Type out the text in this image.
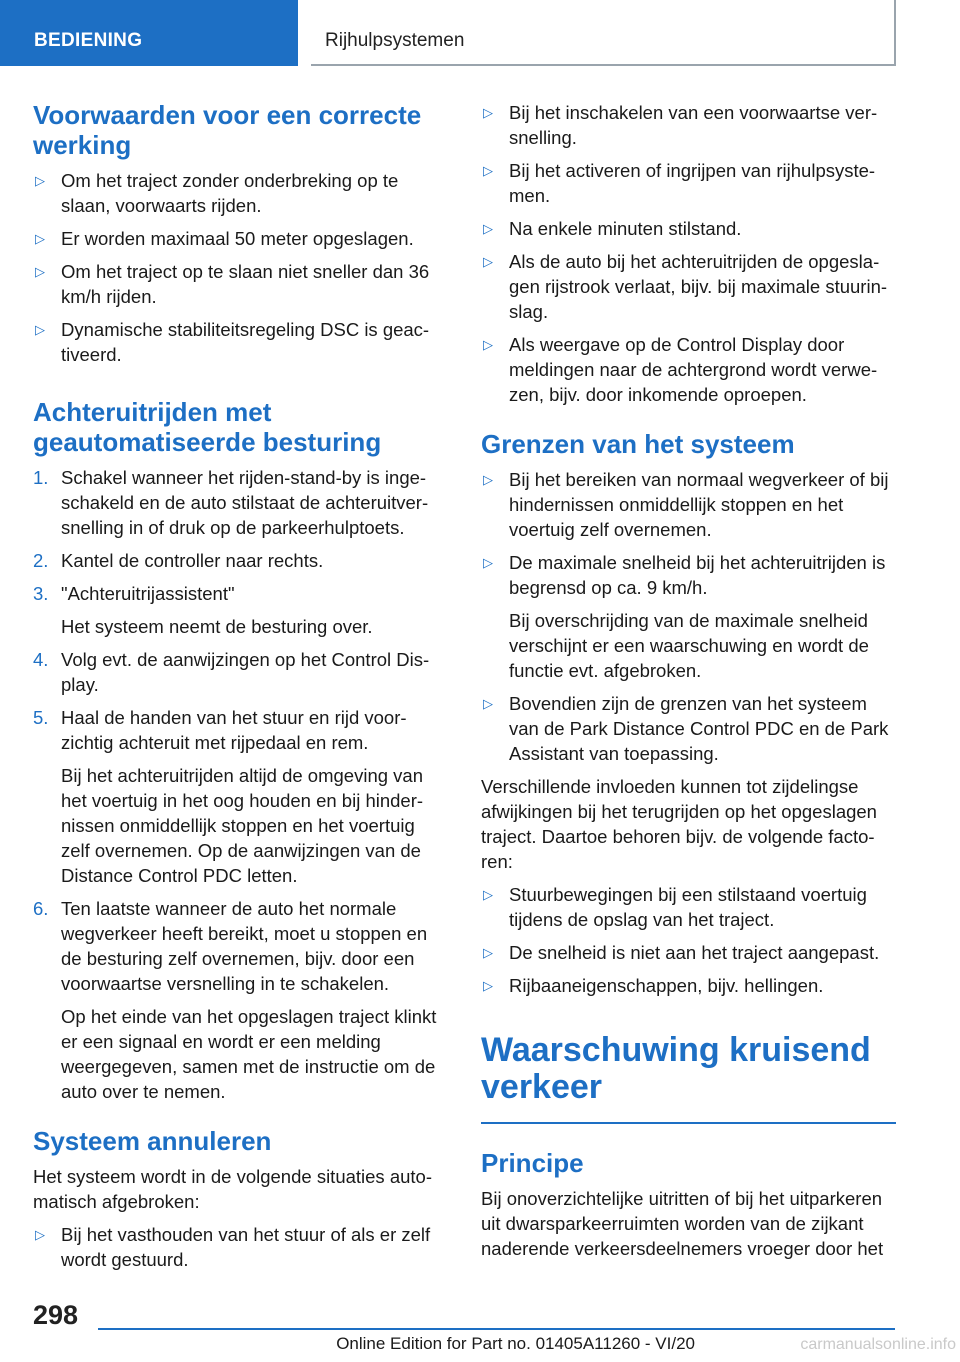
BEDIENING	Rijhulpsystemen
Voorwaarden voor een correcte werking
▷ Om het traject zonder onderbreking op te slaan, voorwaarts rijden.
▷ Er worden maximaal 50 meter opgeslagen.
▷ Om het traject op te slaan niet sneller dan 36 km/h rijden.
▷ Dynamische stabiliteitsregeling DSC is geac-tiveerd.
Achteruitrijden met geautomatiseerde besturing
1. Schakel wanneer het rijden-stand-by is inge-schakeld en de auto stilstaat de achteruitver-snelling in of druk op de parkeerhulptoets.
2. Kantel de controller naar rechts.
3. "Achteruitrijassistent"
Het systeem neemt de besturing over.
4. Volg evt. de aanwijzingen op het Control Dis-play.
5. Haal de handen van het stuur en rijd voor-zichtig achteruit met rijpedaal en rem.
Bij het achteruitrijden altijd de omgeving van het voertuig in het oog houden en bij hinder-nissen onmiddellijk stoppen en het voertuig zelf overnemen. Op de aanwijzingen van de Distance Control PDC letten.
6. Ten laatste wanneer de auto het normale wegverkeer heeft bereikt, moet u stoppen en de besturing zelf overnemen, bijv. door een voorwaartse versnelling in te schakelen.
Op het einde van het opgeslagen traject klinkt er een signaal en wordt er een melding weergegeven, samen met de instructie om de auto over te nemen.
Systeem annuleren

Het systeem wordt in de volgende situaties auto-matisch afgebroken:

▷ Bij het vasthouden van het stuur of als er zelf wordt gestuurd.
▷ Bij het inschakelen van een voorwaartse ver-snelling.
▷ Bij het activeren of ingrijpen van rijhulpsyste-men.
▷ Na enkele minuten stilstand.
▷ Als de auto bij het achteruitrijden de opgesla-gen rijstrook verlaat, bijv. bij maximale stuurin-slag.
▷ Als weergave op de Control Display door meldingen naar de achtergrond wordt verwe-zen, bijv. door inkomende oproepen.
Grenzen van het systeem
▷ Bij het bereiken van normaal wegverkeer of bij hindernissen onmiddellijk stoppen en het voertuig zelf overnemen.
▷ De maximale snelheid bij het achteruitrijden is begrensd op ca. 9 km/h.
Bij overschrijding van de maximale snelheid verschijnt er een waarschuwing en wordt de functie evt. afgebroken.
▷ Bovendien zijn de grenzen van het systeem van de Park Distance Control PDC en de Park Assistant van toepassing.

Verschillende invloeden kunnen tot zijdelingse afwijkingen bij het terugrijden op het opgeslagen traject. Daartoe behoren bijv. de volgende facto-ren:

▷ Stuurbewegingen bij een stilstaand voertuig tijdens de opslag van het traject.
▷ De snelheid is niet aan het traject aangepast.
▷ Rijbaaneigenschappen, bijv. hellingen.
Waarschuwing kruisend verkeer
Principe

Bij onoverzichtelijke uitritten of bij het uitparkeren uit dwarsparkeerruimten worden van de zijkant naderende verkeersdeelnemers vroeger door het

298
Online Edition for Part no. 01405A11260 - VI/20	carmanualsonline.info
